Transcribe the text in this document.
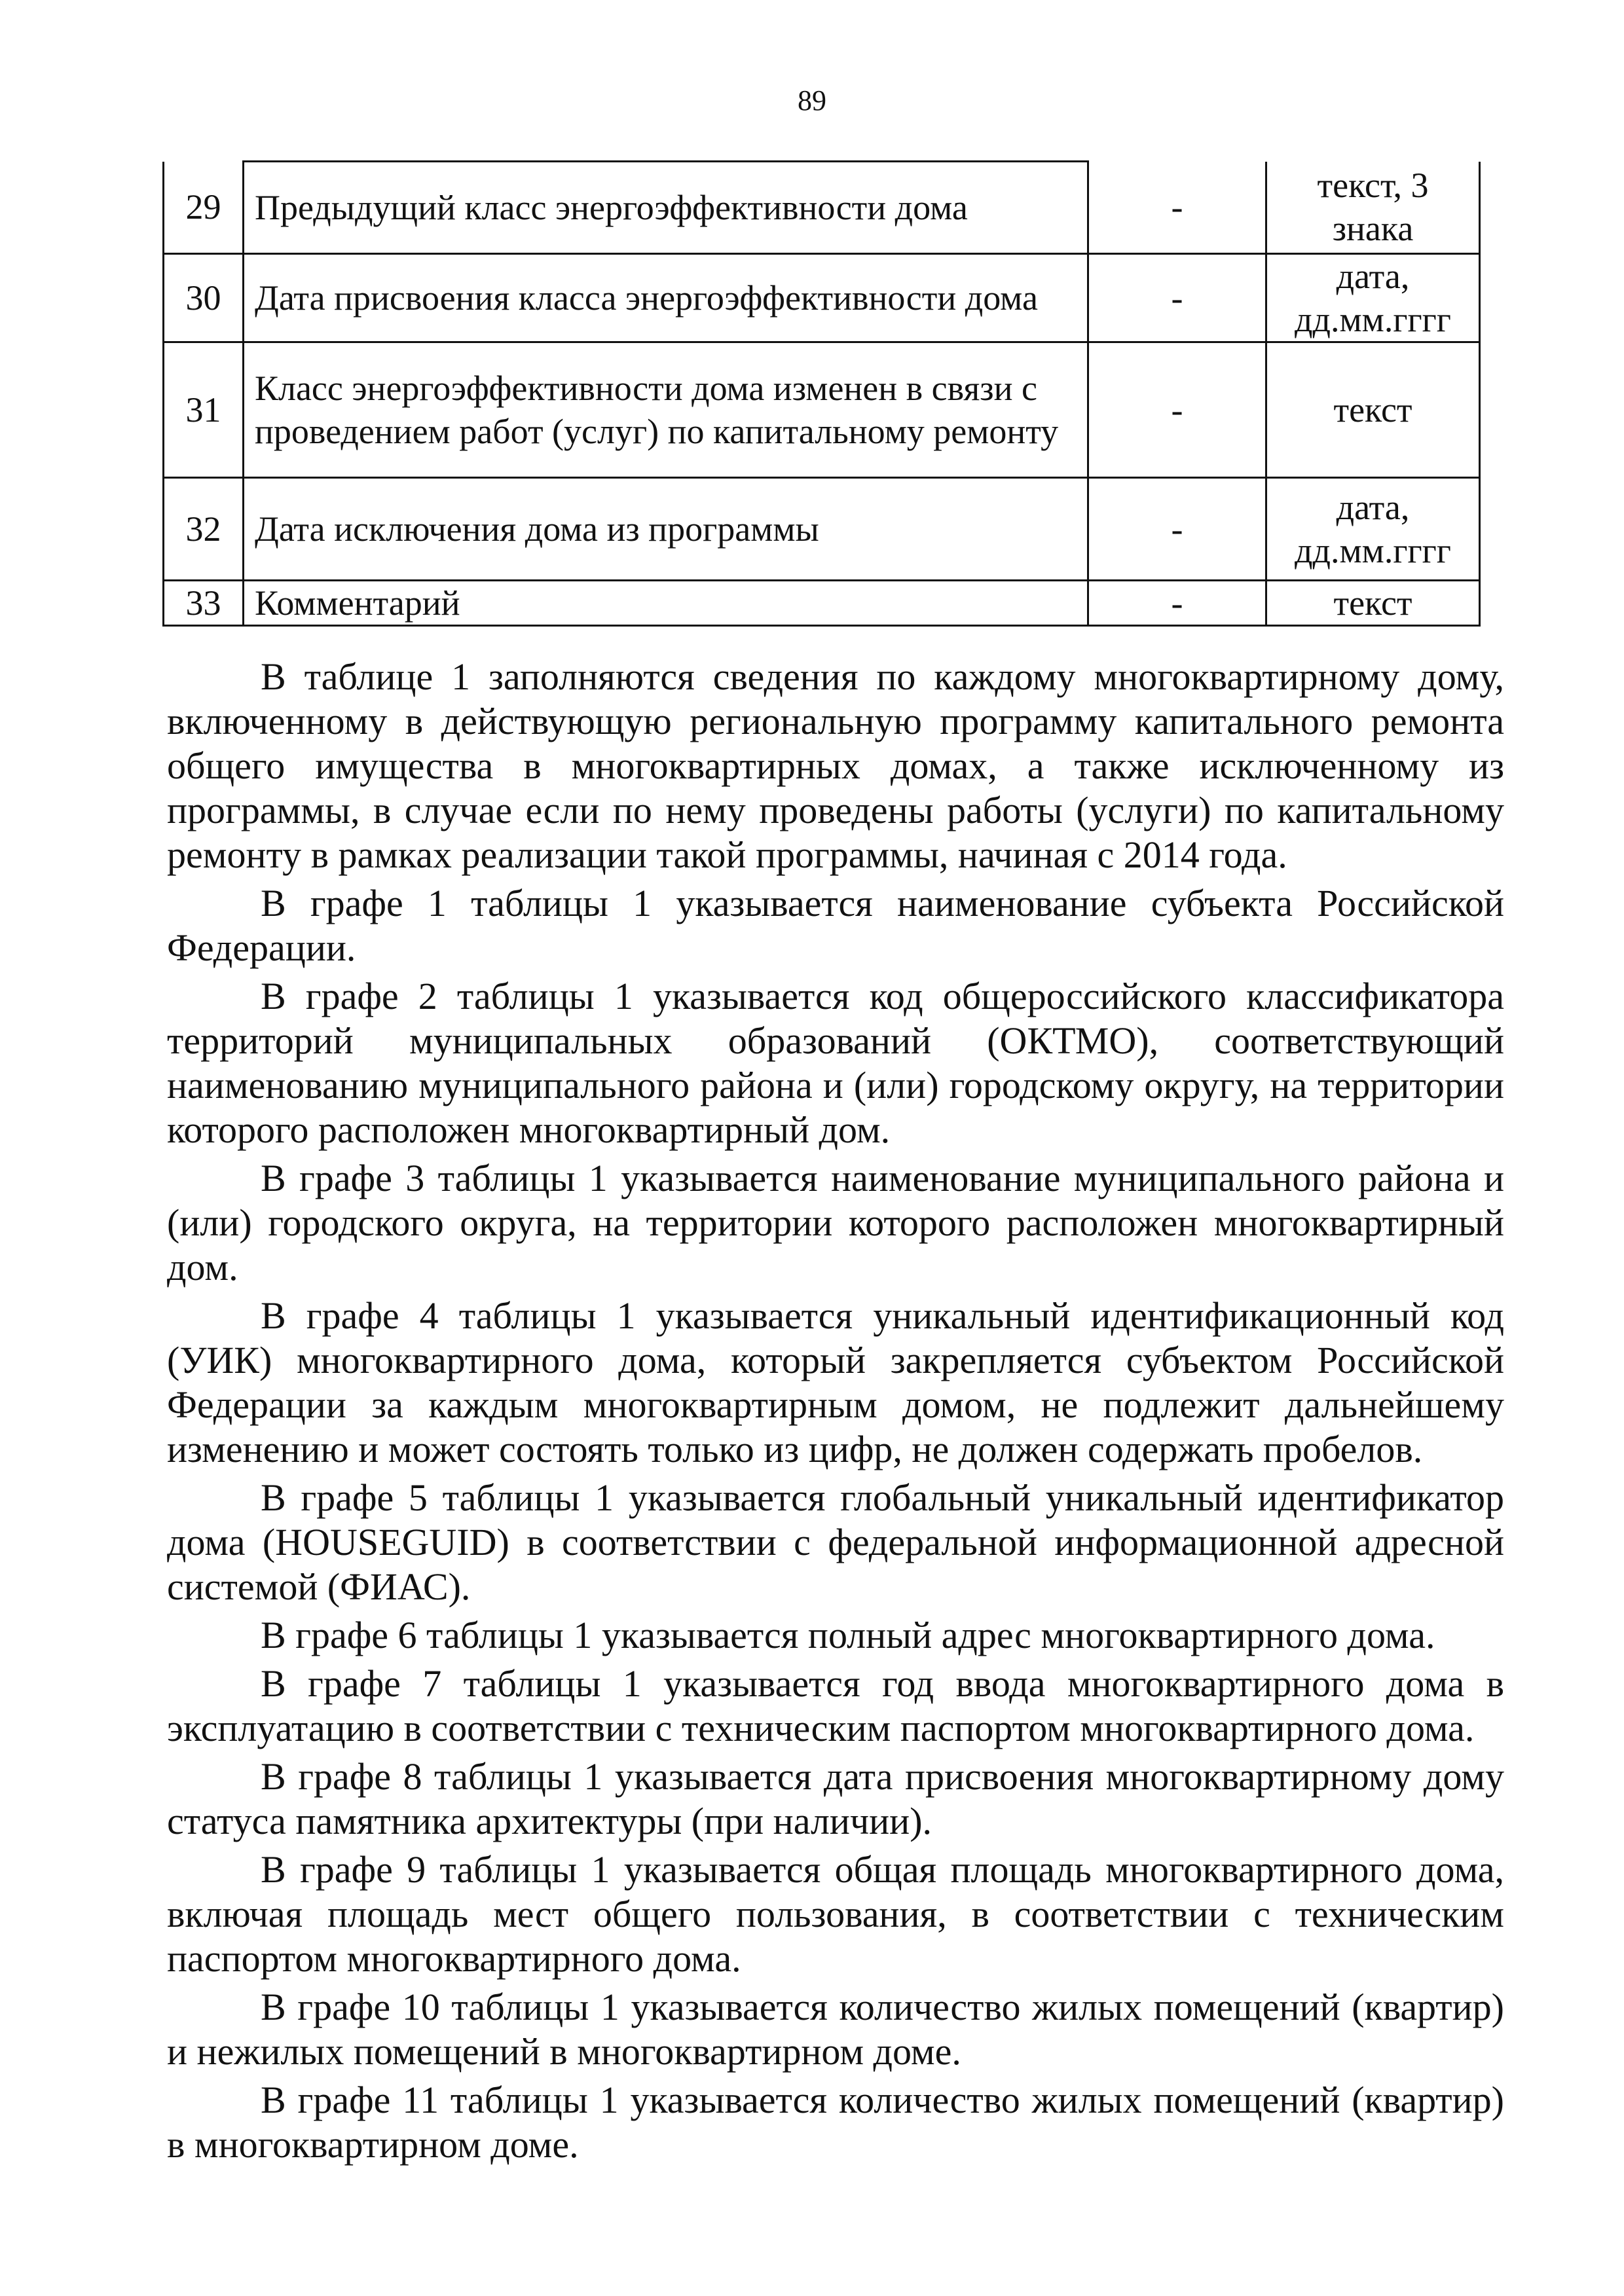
89
29	Предыдущий класс энергоэффективности дома	-	текст, 3 знака
30	Дата присвоения класса энергоэффективности дома	-	дата, дд.мм.гггг
31	Класс энергоэффективности дома изменен в связи с проведением работ (услуг) по капитальному ремонту	-	текст
32	Дата исключения дома из программы	-	дата, дд.мм.гггг
33	Комментарий	-	текст

В таблице 1 заполняются сведения по каждому многоквартирному дому, включенному в действующую региональную программу капитального ремонта общего имущества в многоквартирных домах, а также исключенному из программы, в случае если по нему проведены работы (услуги) по капитальному ремонту в рамках реализации такой программы, начиная с 2014 года.

В графе 1 таблицы 1 указывается наименование субъекта Российской Федерации.

В графе 2 таблицы 1 указывается код общероссийского классификатора территорий муниципальных образований (ОКТМО), соответствующий наименованию муниципального района и (или) городскому округу, на территории которого расположен многоквартирный дом.

В графе 3 таблицы 1 указывается наименование муниципального района и (или) городского округа, на территории которого расположен многоквартирный дом.

В графе 4 таблицы 1 указывается уникальный идентификационный код (УИК) многоквартирного дома, который закрепляется субъектом Российской Федерации за каждым многоквартирным домом, не подлежит дальнейшему изменению и может состоять только из цифр, не должен содержать пробелов.

В графе 5 таблицы 1 указывается глобальный уникальный идентификатор дома (HOUSEGUID) в соответствии с федеральной информационной адресной системой (ФИАС).

В графе 6 таблицы 1 указывается полный адрес многоквартирного дома.

В графе 7 таблицы 1 указывается год ввода многоквартирного дома в эксплуатацию в соответствии с техническим паспортом многоквартирного дома.

В графе 8 таблицы 1 указывается дата присвоения многоквартирному дому статуса памятника архитектуры (при наличии).

В графе 9 таблицы 1 указывается общая площадь многоквартирного дома, включая площадь мест общего пользования, в соответствии с техническим паспортом многоквартирного дома.

В графе 10 таблицы 1 указывается количество жилых помещений (квартир) и нежилых помещений в многоквартирном доме.

В графе 11 таблицы 1 указывается количество жилых помещений (квартир) в многоквартирном доме.
